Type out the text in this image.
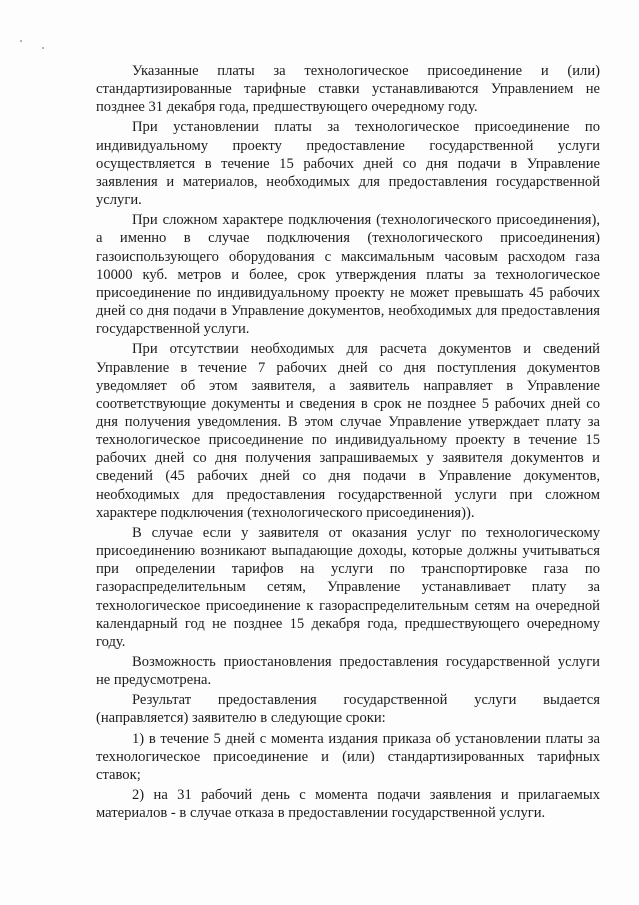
Указанные платы за технологическое присоединение и (или) стандартизированные тарифные ставки устанавливаются Управлением не позднее 31 декабря года, предшествующего очередному году.

При установлении платы за технологическое присоединение по индивидуальному проекту предоставление государственной услуги осуществляется в течение 15 рабочих дней со дня подачи в Управление заявления и материалов, необходимых для предоставления государственной услуги.

При сложном характере подключения (технологического присоединения), а именно в случае подключения (технологического присоединения) газоиспользующего оборудования с максимальным часовым расходом газа 10000 куб. метров и более, срок утверждения платы за технологическое присоединение по индивидуальному проекту не может превышать 45 рабочих дней со дня подачи в Управление документов, необходимых для предоставления государственной услуги.

При отсутствии необходимых для расчета документов и сведений Управление в течение 7 рабочих дней со дня поступления документов уведомляет об этом заявителя, а заявитель направляет в Управление соответствующие документы и сведения в срок не позднее 5 рабочих дней со дня получения уведомления. В этом случае Управление утверждает плату за технологическое присоединение по индивидуальному проекту в течение 15 рабочих дней со дня получения запрашиваемых у заявителя документов и сведений (45 рабочих дней со дня подачи в Управление документов, необходимых для предоставления государственной услуги при сложном характере подключения (технологического присоединения)).

В случае если у заявителя от оказания услуг по технологическому присоединению возникают выпадающие доходы, которые должны учитываться при определении тарифов на услуги по транспортировке газа по газораспределительным сетям, Управление устанавливает плату за технологическое присоединение к газораспределительным сетям на очередной календарный год не позднее 15 декабря года, предшествующего очередному году.

Возможность приостановления предоставления государственной услуги не предусмотрена.

Результат предоставления государственной услуги выдается (направляется) заявителю в следующие сроки:

1) в течение 5 дней с момента издания приказа об установлении платы за технологическое присоединение и (или) стандартизированных тарифных ставок;

2) на 31 рабочий день с момента подачи заявления и прилагаемых материалов - в случае отказа в предоставлении государственной услуги.
